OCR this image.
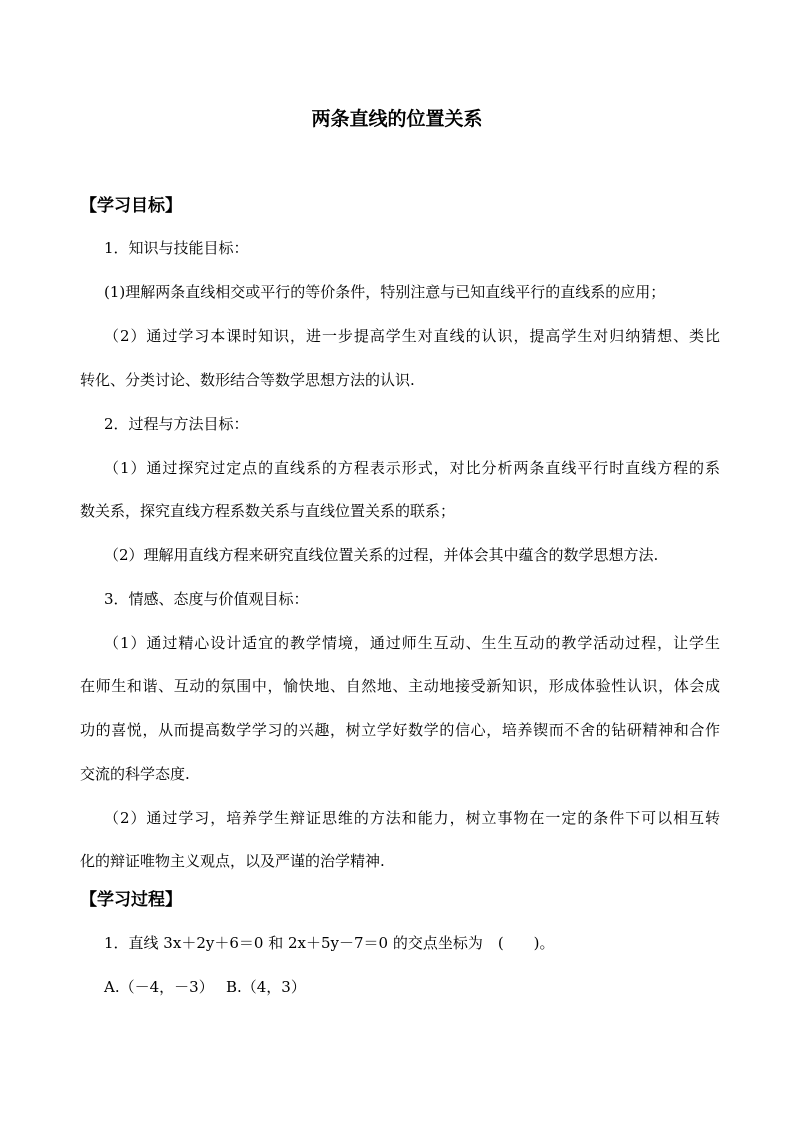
两条直线的位置关系
【学习目标】
1．知识与技能目标：
(1)理解两条直线相交或平行的等价条件，特别注意与已知直线平行的直线系的应用；
（2）通过学习本课时知识，进一步提高学生对直线的认识，提高学生对归纳猜想、类比
转化、分类讨论、数形结合等数学思想方法的认识.
2．过程与方法目标：
（1）通过探究过定点的直线系的方程表示形式，对比分析两条直线平行时直线方程的系
数关系，探究直线方程系数关系与直线位置关系的联系；
（2）理解用直线方程来研究直线位置关系的过程，并体会其中蕴含的数学思想方法.
3．情感、态度与价值观目标：
（1）通过精心设计适宜的教学情境，通过师生互动、生生互动的教学活动过程，让学生
在师生和谐、互动的氛围中，愉快地、自然地、主动地接受新知识，形成体验性认识，体会成
功的喜悦，从而提高数学学习的兴趣，树立学好数学的信心，培养锲而不舍的钻研精神和合作
交流的科学态度.
（2）通过学习，培养学生辩证思维的方法和能力，树立事物在一定的条件下可以相互转
化的辩证唯物主义观点，以及严谨的治学精神.
【学习过程】
1．直线 3x＋2y＋6＝0 和 2x＋5y－7＝0 的交点坐标为　(　　)。
A.（－4，－3）　 B.（4，3）
